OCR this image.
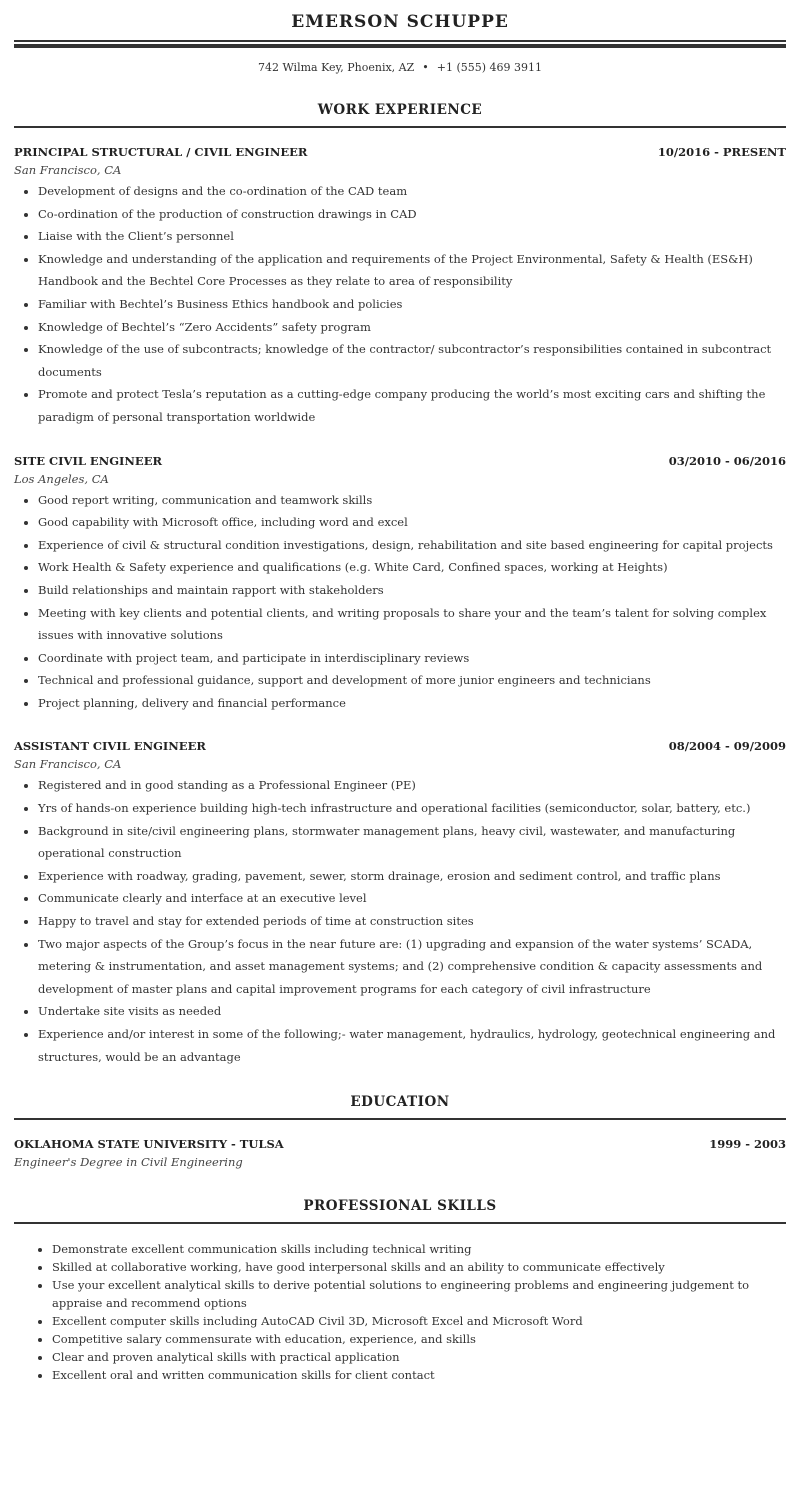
EMERSON SCHUPPE
742 Wilma Key, Phoenix, AZ • +1 (555) 469 3911
WORK EXPERIENCE
PRINCIPAL STRUCTURAL / CIVIL ENGINEER	10/2016 - PRESENT
San Francisco, CA
• Development of designs and the co-ordination of the CAD team
• Co-ordination of the production of construction drawings in CAD
• Liaise with the Client’s personnel
• Knowledge and understanding of the application and requirements of the Project Environmental, Safety & Health (ES&H) Handbook and the Bechtel Core Processes as they relate to area of responsibility
• Familiar with Bechtel’s Business Ethics handbook and policies
• Knowledge of Bechtel’s “Zero Accidents” safety program
• Knowledge of the use of subcontracts; knowledge of the contractor/ subcontractor’s responsibilities contained in subcontract documents
• Promote and protect Tesla’s reputation as a cutting-edge company producing the world’s most exciting cars and shifting the paradigm of personal transportation worldwide
SITE CIVIL ENGINEER	03/2010 - 06/2016
Los Angeles, CA
• Good report writing, communication and teamwork skills
• Good capability with Microsoft office, including word and excel
• Experience of civil & structural condition investigations, design, rehabilitation and site based engineering for capital projects
• Work Health & Safety experience and qualifications (e.g. White Card, Confined spaces, working at Heights)
• Build relationships and maintain rapport with stakeholders
• Meeting with key clients and potential clients, and writing proposals to share your and the team’s talent for solving complex issues with innovative solutions
• Coordinate with project team, and participate in interdisciplinary reviews
• Technical and professional guidance, support and development of more junior engineers and technicians
• Project planning, delivery and financial performance
ASSISTANT CIVIL ENGINEER	08/2004 - 09/2009
San Francisco, CA
• Registered and in good standing as a Professional Engineer (PE)
• Yrs of hands-on experience building high-tech infrastructure and operational facilities (semiconductor, solar, battery, etc.)
• Background in site/civil engineering plans, stormwater management plans, heavy civil, wastewater, and manufacturing operational construction
• Experience with roadway, grading, pavement, sewer, storm drainage, erosion and sediment control, and traffic plans
• Communicate clearly and interface at an executive level
• Happy to travel and stay for extended periods of time at construction sites
• Two major aspects of the Group’s focus in the near future are: (1) upgrading and expansion of the water systems’ SCADA, metering & instrumentation, and asset management systems; and (2) comprehensive condition & capacity assessments and development of master plans and capital improvement programs for each category of civil infrastructure
• Undertake site visits as needed
• Experience and/or interest in some of the following;- water management, hydraulics, hydrology, geotechnical engineering and structures, would be an advantage
EDUCATION
OKLAHOMA STATE UNIVERSITY - TULSA	1999 - 2003
Engineer's Degree in Civil Engineering
PROFESSIONAL SKILLS
• Demonstrate excellent communication skills including technical writing
• Skilled at collaborative working, have good interpersonal skills and an ability to communicate effectively
• Use your excellent analytical skills to derive potential solutions to engineering problems and engineering judgement to appraise and recommend options
• Excellent computer skills including AutoCAD Civil 3D, Microsoft Excel and Microsoft Word
• Competitive salary commensurate with education, experience, and skills
• Clear and proven analytical skills with practical application
• Excellent oral and written communication skills for client contact
